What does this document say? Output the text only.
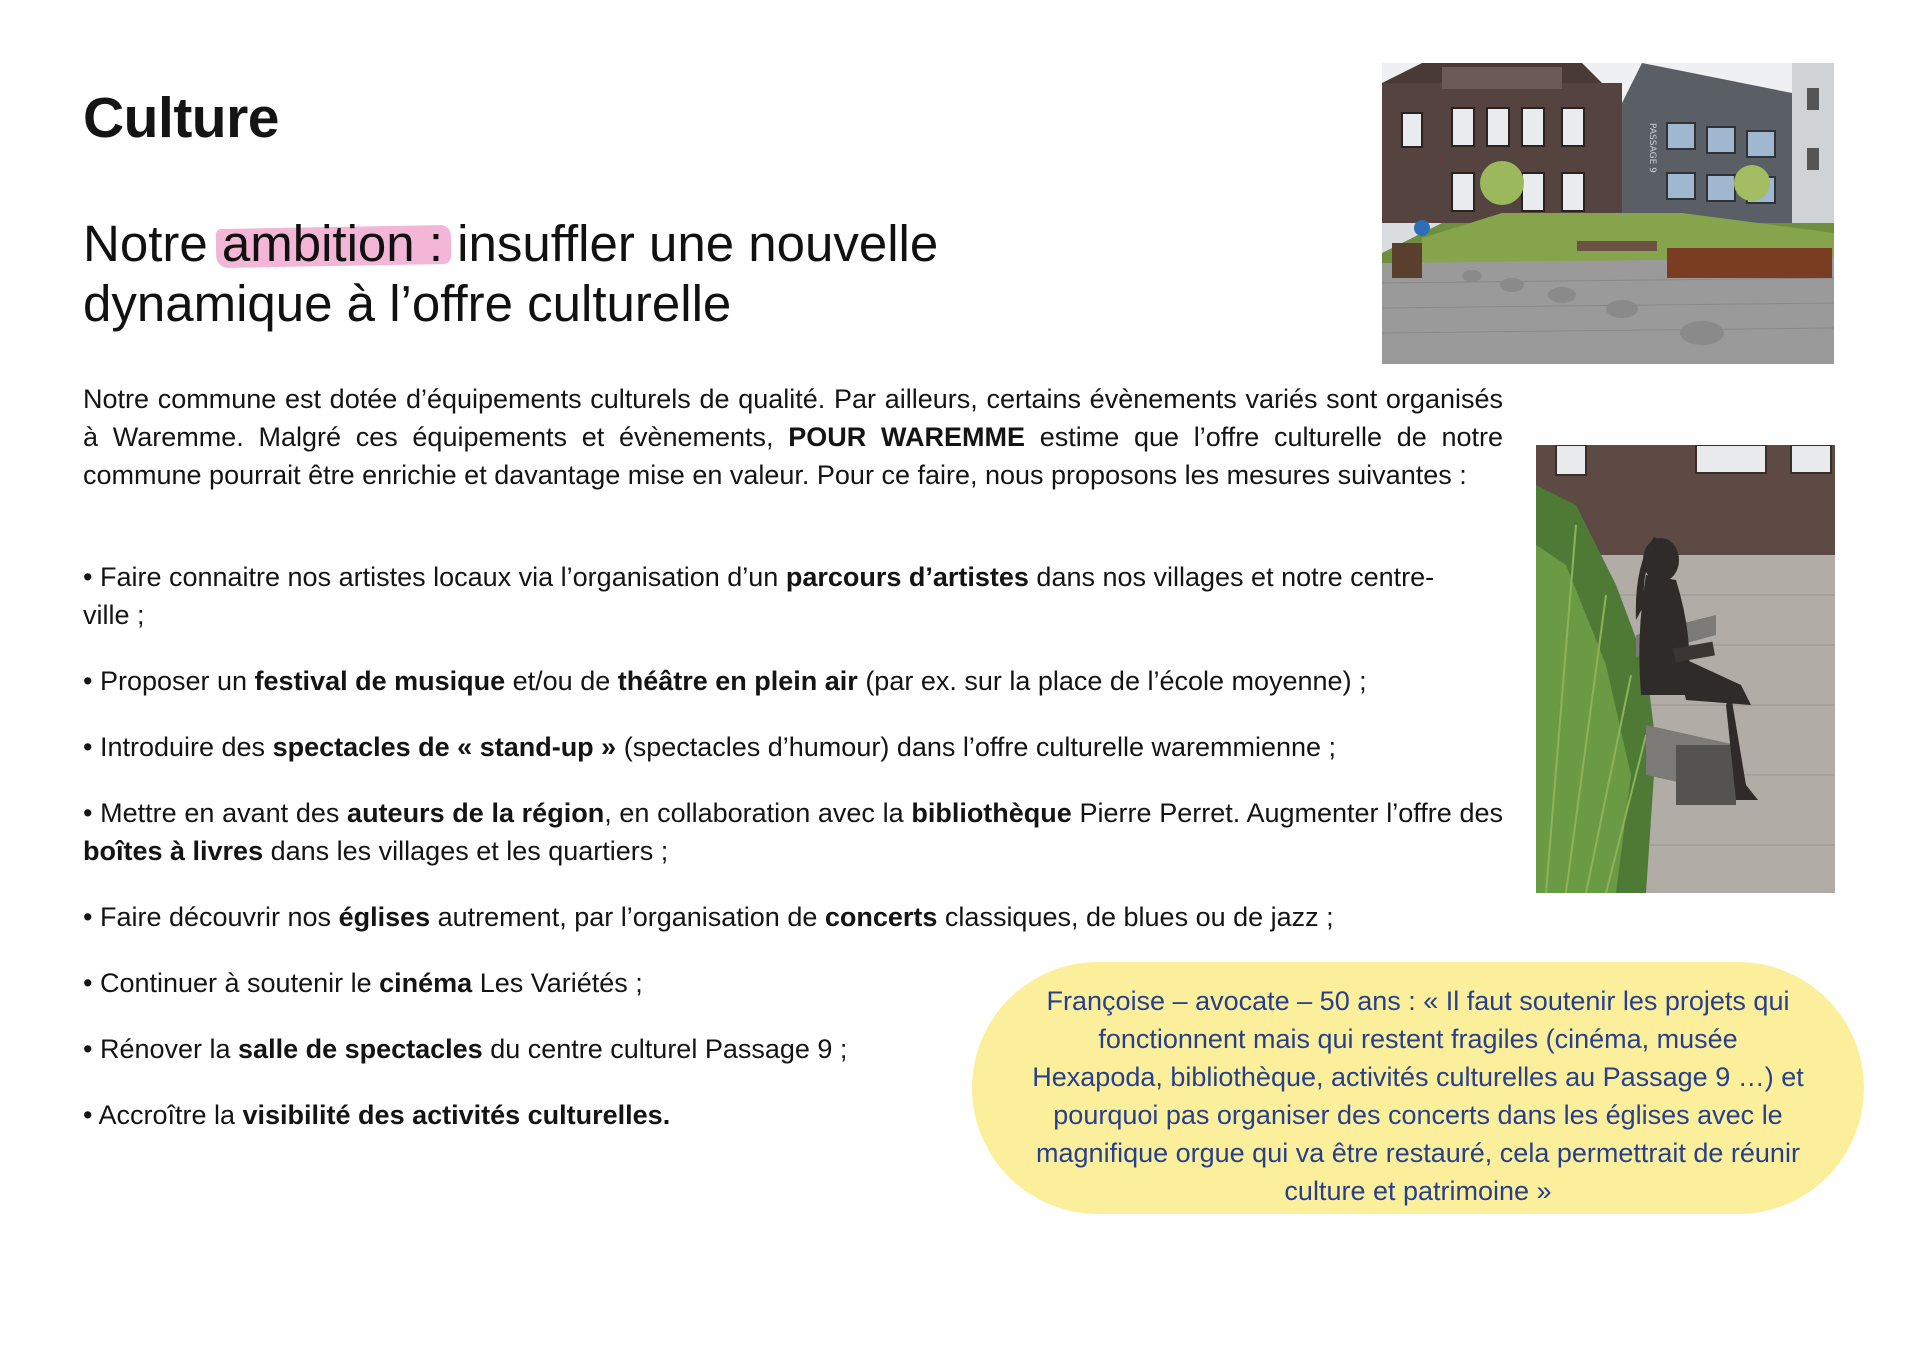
Culture
Notre ambition : insuffler une nouvelle dynamique à l’offre culturelle

Notre commune est dotée d’équipements culturels de qualité. Par ailleurs, certains évènements variés sont organisés à Waremme. Malgré ces équipements et évènements, POUR WAREMME estime que l’offre culturelle de notre commune pourrait être enrichie et davantage mise en valeur. Pour ce faire, nous proposons les mesures suivantes :

• Faire connaitre nos artistes locaux via l’organisation d’un parcours d’artistes dans nos villages et notre centre-ville ;
• Proposer un festival de musique et/ou de théâtre en plein air (par ex. sur la place de l’école moyenne) ;
• Introduire des spectacles de « stand-up » (spectacles d’humour) dans l’offre culturelle waremmienne ;
• Mettre en avant des auteurs de la région, en collaboration avec la bibliothèque Pierre Perret. Augmenter l’offre des boîtes à livres dans les villages et les quartiers ;
• Faire découvrir nos églises autrement, par l’organisation de concerts classiques, de blues ou de jazz ;
• Continuer à soutenir le cinéma Les Variétés ;
• Rénover la salle de spectacles du centre culturel Passage 9 ;
• Accroître la visibilité des activités culturelles.
PASSAGE 9
Françoise – avocate – 50 ans : « Il faut soutenir les projets qui fonctionnent mais qui restent fragiles (cinéma, musée Hexapoda, bibliothèque, activités culturelles au Passage 9 …) et pourquoi pas organiser des concerts dans les églises avec le magnifique orgue qui va être restauré, cela permettrait de réunir culture et patrimoine »
